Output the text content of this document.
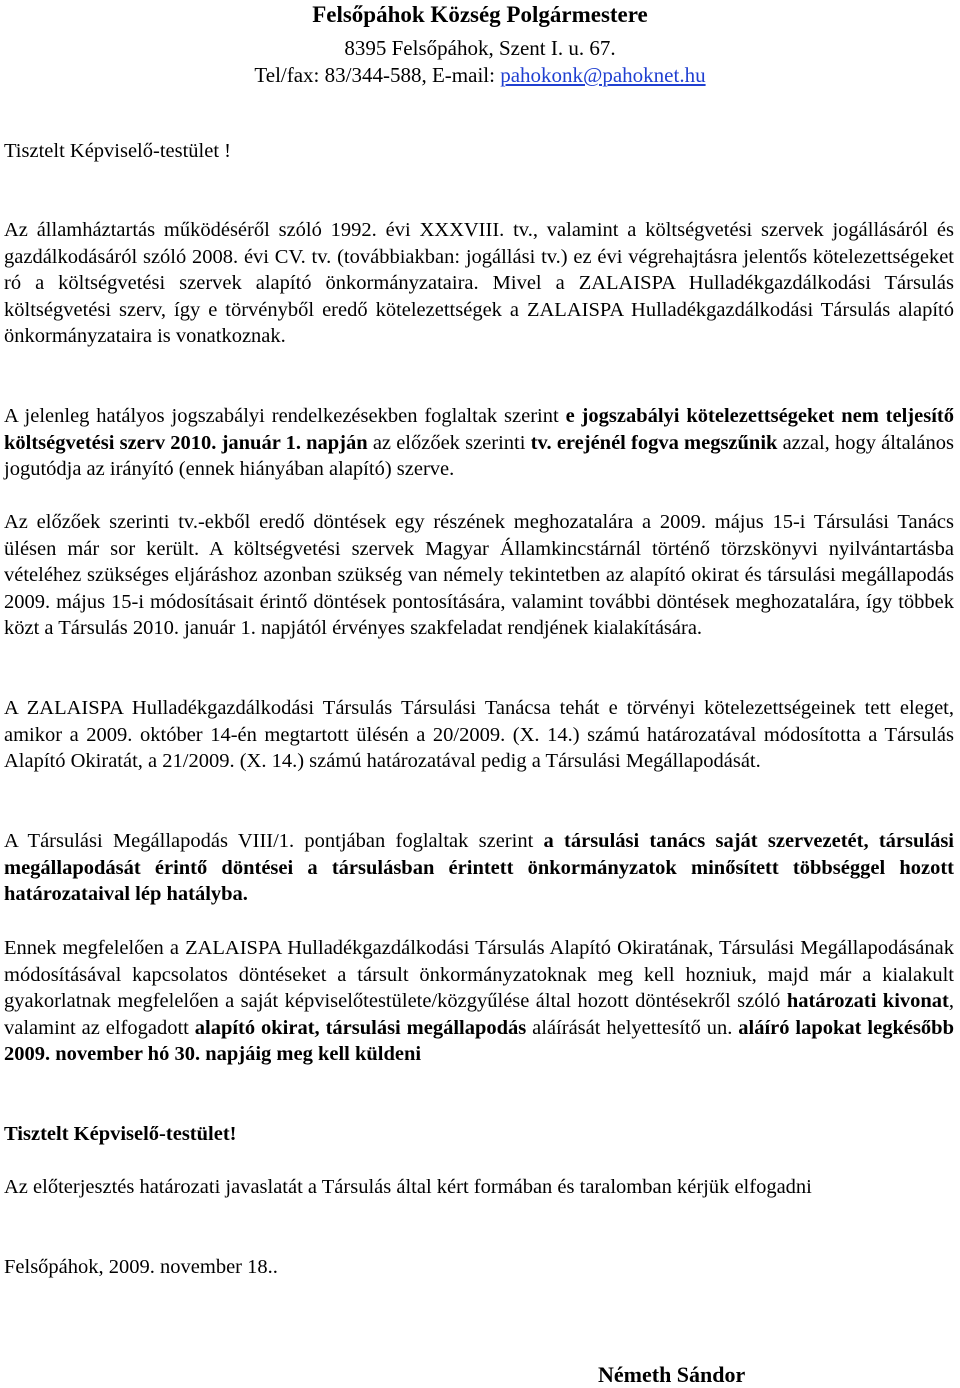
Felsőpáhok Község Polgármestere
8395 Felsőpáhok, Szent I. u. 67.
Tel/fax: 83/344-588, E-mail: pahokonk@pahoknet.hu

Tisztelt Képviselő-testület !

Az államháztartás működéséről szóló 1992. évi XXXVIII. tv., valamint a költségvetési szervek jogállásáról és gazdálkodásáról szóló 2008. évi CV. tv. (továbbiakban: jogállási tv.) ez évi végrehajtásra jelentős kötelezettségeket ró a költségvetési szervek alapító önkormányzataira. Mivel a ZALAISPA Hulladékgazdálkodási Társulás költségvetési szerv, így e törvényből eredő kötelezettségek a ZALAISPA Hulladékgazdálkodási Társulás alapító önkormányzataira is vonatkoznak.
A jelenleg hatályos jogszabályi rendelkezésekben foglaltak szerint e jogszabályi kötelezettségeket nem teljesítő költségvetési szerv 2010. január 1. napján az előzőek szerinti tv. erejénél fogva megszűnik azzal, hogy általános jogutódja az irányító (ennek hiányában alapító) szerve.
Az előzőek szerinti tv.-ekből eredő döntések egy részének meghozatalára a 2009. május 15-i Társulási Tanács ülésen már sor került. A költségvetési szervek Magyar Államkincstárnál történő törzskönyvi nyilvántartásba vételéhez szükséges eljáráshoz azonban szükség van némely tekintetben az alapító okirat és társulási megállapodás 2009. május 15-i módosításait érintő döntések pontosítására, valamint további döntések meghozatalára, így többek közt a Társulás 2010. január 1. napjától érvényes szakfeladat rendjének kialakítására.
A ZALAISPA Hulladékgazdálkodási Társulás Társulási Tanácsa tehát e törvényi kötelezettségeinek tett eleget, amikor a 2009. október 14-én megtartott ülésén a 20/2009. (X. 14.) számú határozatával módosította a Társulás Alapító Okiratát, a 21/2009. (X. 14.) számú határozatával pedig a Társulási Megállapodását.
A Társulási Megállapodás VIII/1. pontjában foglaltak szerint a társulási tanács saját szervezetét, társulási megállapodását érintő döntései a társulásban érintett önkormányzatok minősített többséggel hozott határozataival lép hatályba.
Ennek megfelelően a ZALAISPA Hulladékgazdálkodási Társulás Alapító Okiratának, Társulási Megállapodásának módosításával kapcsolatos döntéseket a társult önkormányzatoknak meg kell hozniuk, majd már a kialakult gyakorlatnak megfelelően a saját képviselőtestülete/közgyűlése által hozott döntésekről szóló határozati kivonat, valamint az elfogadott alapító okirat, társulási megállapodás aláírását helyettesítő un. aláíró lapokat legkésőbb 2009. november hó 30. napjáig meg kell küldeni
Tisztelt Képviselő-testület!
Az előterjesztés határozati javaslatát a Társulás által kért formában és taralomban kérjük elfogadni
Felsőpáhok, 2009. november 18..
Németh Sándor
